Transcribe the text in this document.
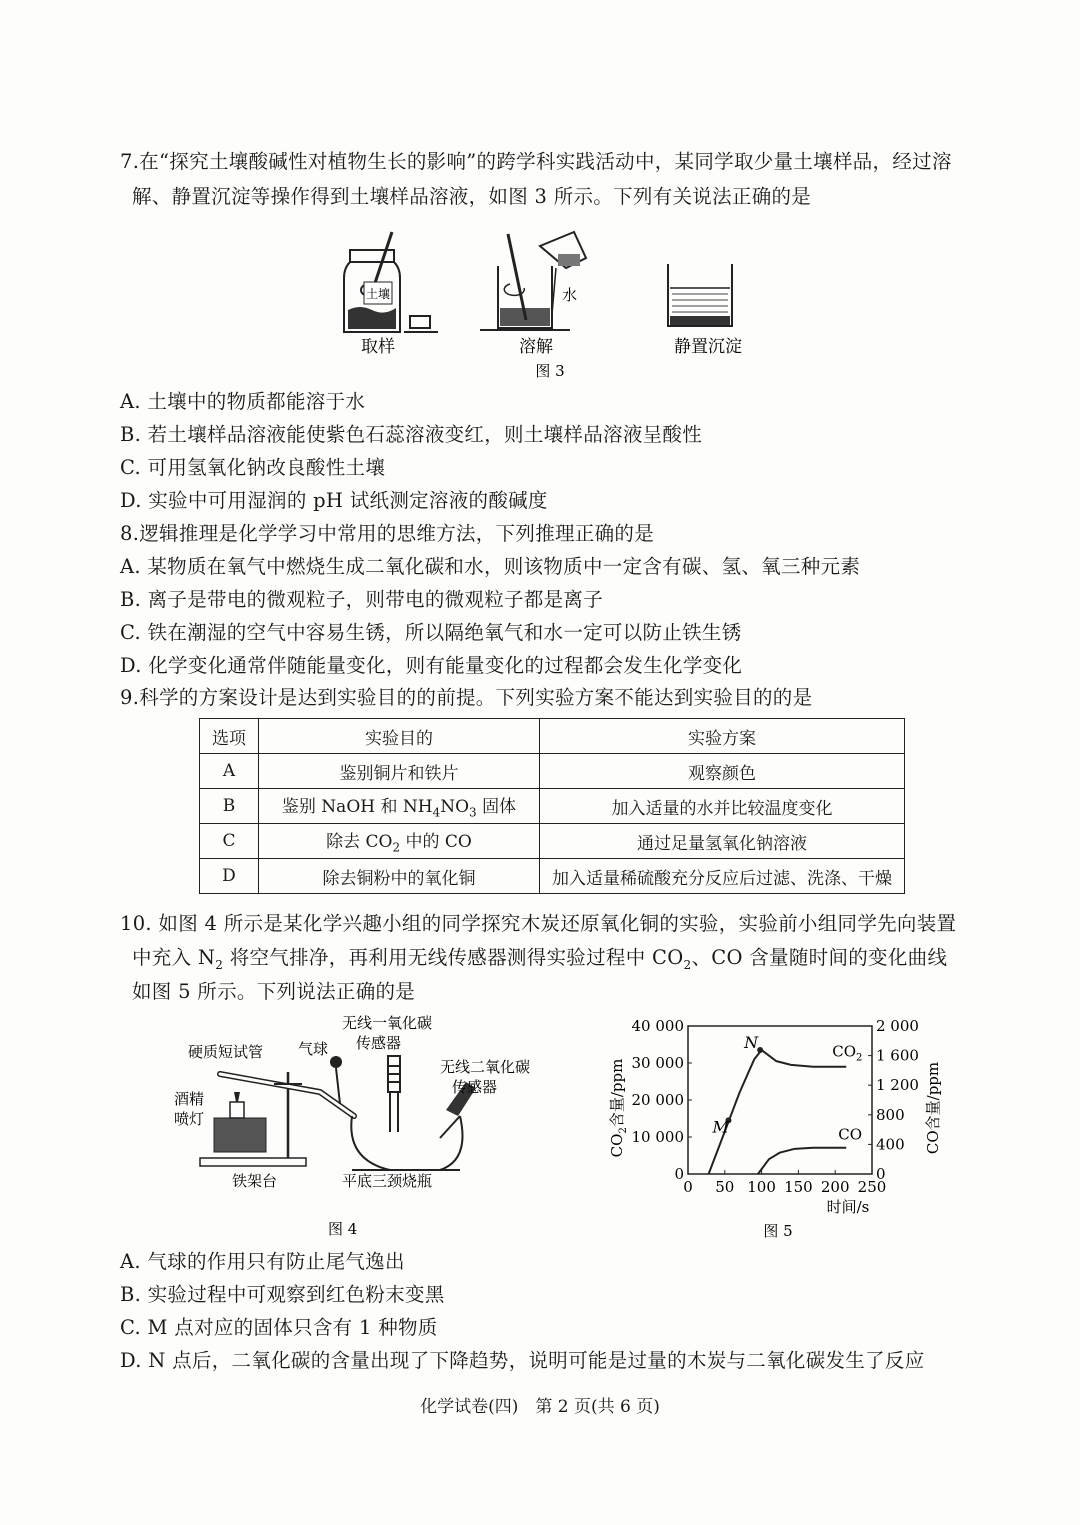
7.在“探究土壤酸碱性对植物生长的影响”的跨学科实践活动中，某同学取少量土壤样品，经过溶
解、静置沉淀等操作得到土壤样品溶液，如图 3 所示。下列有关说法正确的是
土壤	水
取样	溶解	静置沉淀
图 3
A. 土壤中的物质都能溶于水
B. 若土壤样品溶液能使紫色石蕊溶液变红，则土壤样品溶液呈酸性
C. 可用氢氧化钠改良酸性土壤
D. 实验中可用湿润的 pH 试纸测定溶液的酸碱度
8.逻辑推理是化学学习中常用的思维方法，下列推理正确的是
A. 某物质在氧气中燃烧生成二氧化碳和水，则该物质中一定含有碳、氢、氧三种元素
B. 离子是带电的微观粒子，则带电的微观粒子都是离子
C. 铁在潮湿的空气中容易生锈，所以隔绝氧气和水一定可以防止铁生锈
D. 化学变化通常伴随能量变化，则有能量变化的过程都会发生化学变化
9.科学的方案设计是达到实验目的的前提。下列实验方案不能达到实验目的的是
选项	实验目的	实验方案
A	鉴别铜片和铁片	观察颜色
B	鉴别 NaOH 和 $NH_4NO_3$ 固体	加入适量的水并比较温度变化
C	除去 $CO_2$ 中的 CO	通过足量氢氧化钠溶液
D	除去铜粉中的氧化铜	加入适量稀硫酸充分反应后过滤、洗涤、干燥
10. 如图 4 所示是某化学兴趣小组的同学探究木炭还原氧化铜的实验，实验前小组同学先向装置
中充入 $N_2$ 将空气排净，再利用无线传感器测得实验过程中 $CO_2$、CO 含量随时间的变化曲线
如图 5 所示。下列说法正确的是
硬质短试管 气球
酒精
喷灯
铁架台
无线一氧化碳
传感器
无线二氧化碳
传感器
平底三颈烧瓶
图 4
0 50 100 150 200 250
0
10 000
20 000
30 000
40 000
0
400
800
1 200
1 600
2 000
M
N
$CO_2$含量/ppm	CO含量/ppm
时间/s
$CO_2$
CO
图 5
A. 气球的作用只有防止尾气逸出
B. 实验过程中可观察到红色粉末变黑
C. M 点对应的固体只含有 1 种物质
D. N 点后，二氧化碳的含量出现了下降趋势，说明可能是过量的木炭与二氧化碳发生了反应
化学试卷(四)　第 2 页(共 6 页)
